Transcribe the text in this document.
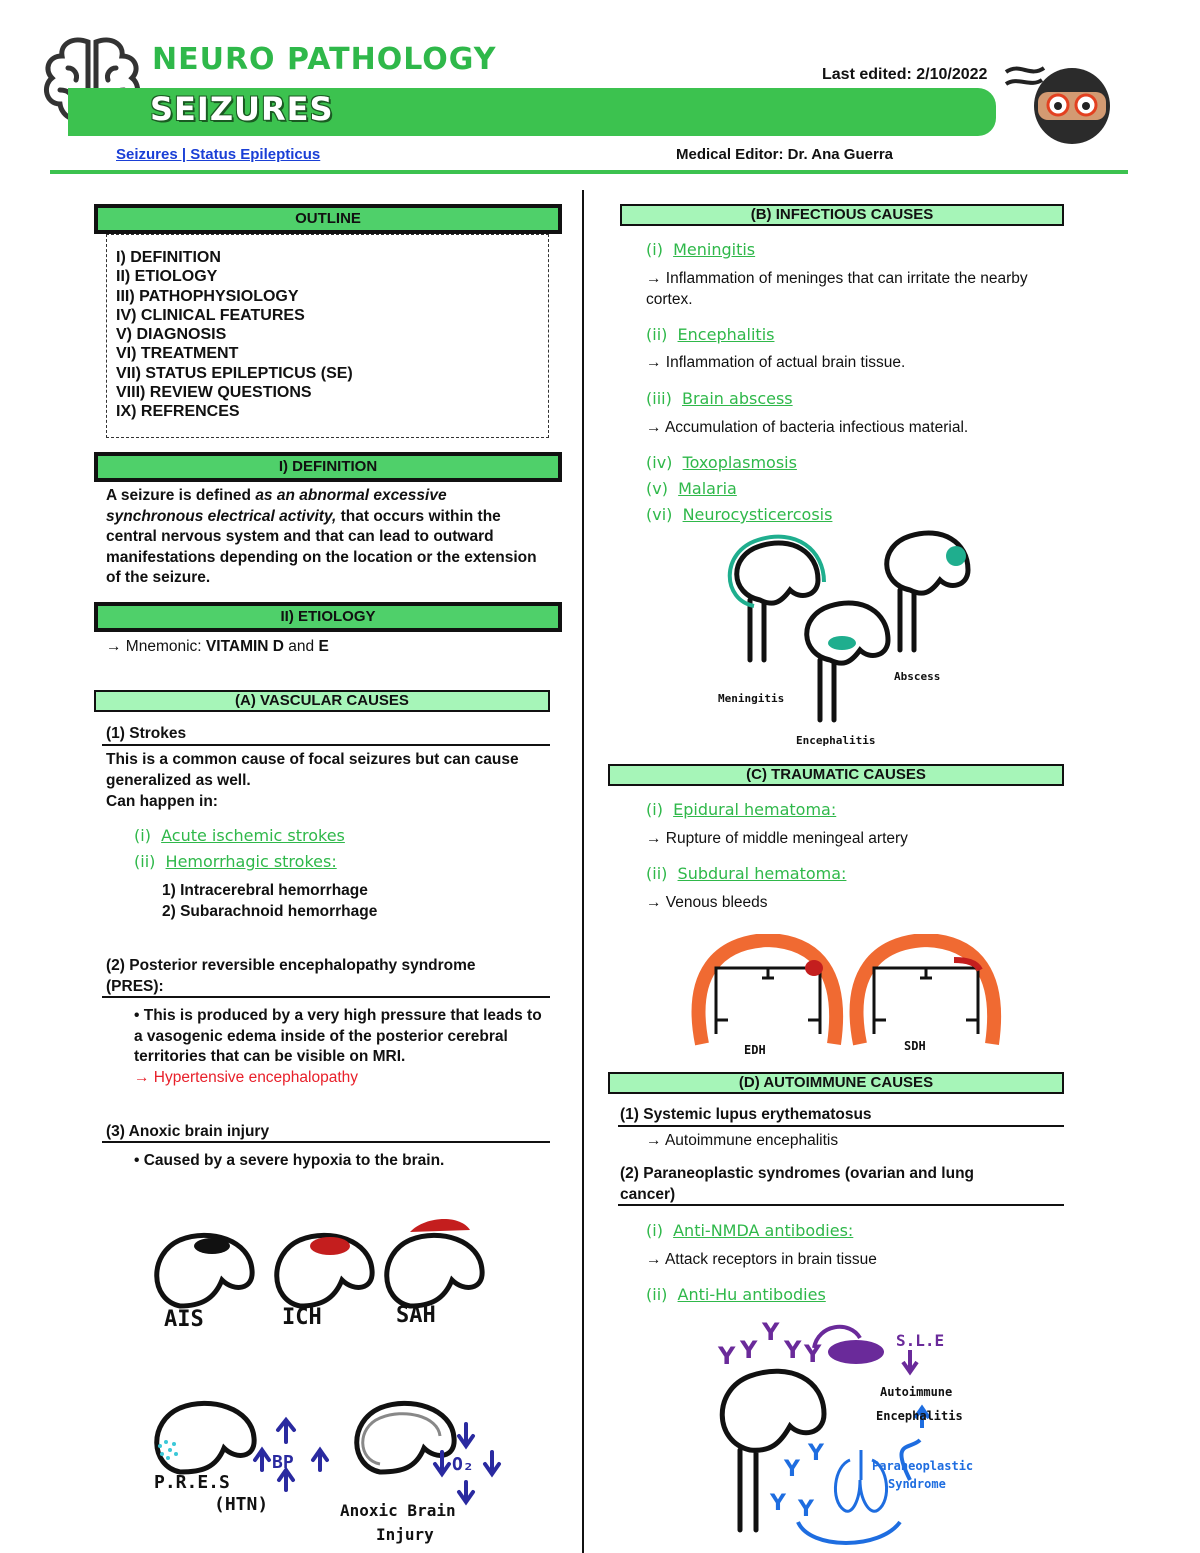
NEURO PATHOLOGY
SEIZURES
Last edited: 2/10/2022
Seizures | Status Epilepticus	Medical Editor: Dr. Ana Guerra
OUTLINE
I) DEFINITION
II) ETIOLOGY
III) PATHOPHYSIOLOGY
IV) CLINICAL FEATURES
V) DIAGNOSIS
VI) TREATMENT
VII) STATUS EPILEPTICUS (SE)
VIII) REVIEW QUESTIONS
IX) REFRENCES
I) DEFINITION
A seizure is defined as an abnormal excessive synchronous electrical activity, that occurs within the central nervous system and that can lead to outward manifestations depending on the location or the extension of the seizure.
II) ETIOLOGY
→ Mnemonic: VITAMIN D and E
(A) VASCULAR CAUSES
(1) Strokes
This is a common cause of focal seizures but can cause generalized as well.
Can happen in:
(i) Acute ischemic strokes
(ii) Hemorrhagic strokes:
1) Intracerebral hemorrhage
2) Subarachnoid hemorrhage
(2) Posterior reversible encephalopathy syndrome (PRES):
• This is produced by a very high pressure that leads to a vasogenic edema inside of the posterior cerebral territories that can be visible on MRI.
→ Hypertensive encephalopathy
(3) Anoxic brain injury
• Caused by a severe hypoxia to the brain.
AIS	ICH	SAH
BP	O₂
P.R.E.S
(HTN)	Anoxic Brain
Injury
(B) INFECTIOUS CAUSES
(i) Meningitis
→ Inflammation of meninges that can irritate the nearby cortex.
(ii) Encephalitis
→ Inflammation of actual brain tissue.
(iii) Brain abscess
→ Accumulation of bacteria infectious material.
(iv) Toxoplasmosis
(v) Malaria
(vi) Neurocysticercosis
Meningitis
Abscess
Encephalitis
(C) TRAUMATIC CAUSES
(i) Epidural hematoma:
→ Rupture of middle meningeal artery
(ii) Subdural hematoma:
→ Venous bleeds
EDH	SDH
(D) AUTOIMMUNE CAUSES
(1) Systemic lupus erythematosus
→ Autoimmune encephalitis
(2) Paraneoplastic syndromes (ovarian and lung cancer)
(i) Anti-NMDA antibodies:
→ Attack receptors in brain tissue
(ii) Anti-Hu antibodies
Y Y
Y
Y Y
Y
Y
Y Y
S.L.E
Autoimmune
Encephalitis
Paraneoplastic
Syndrome
